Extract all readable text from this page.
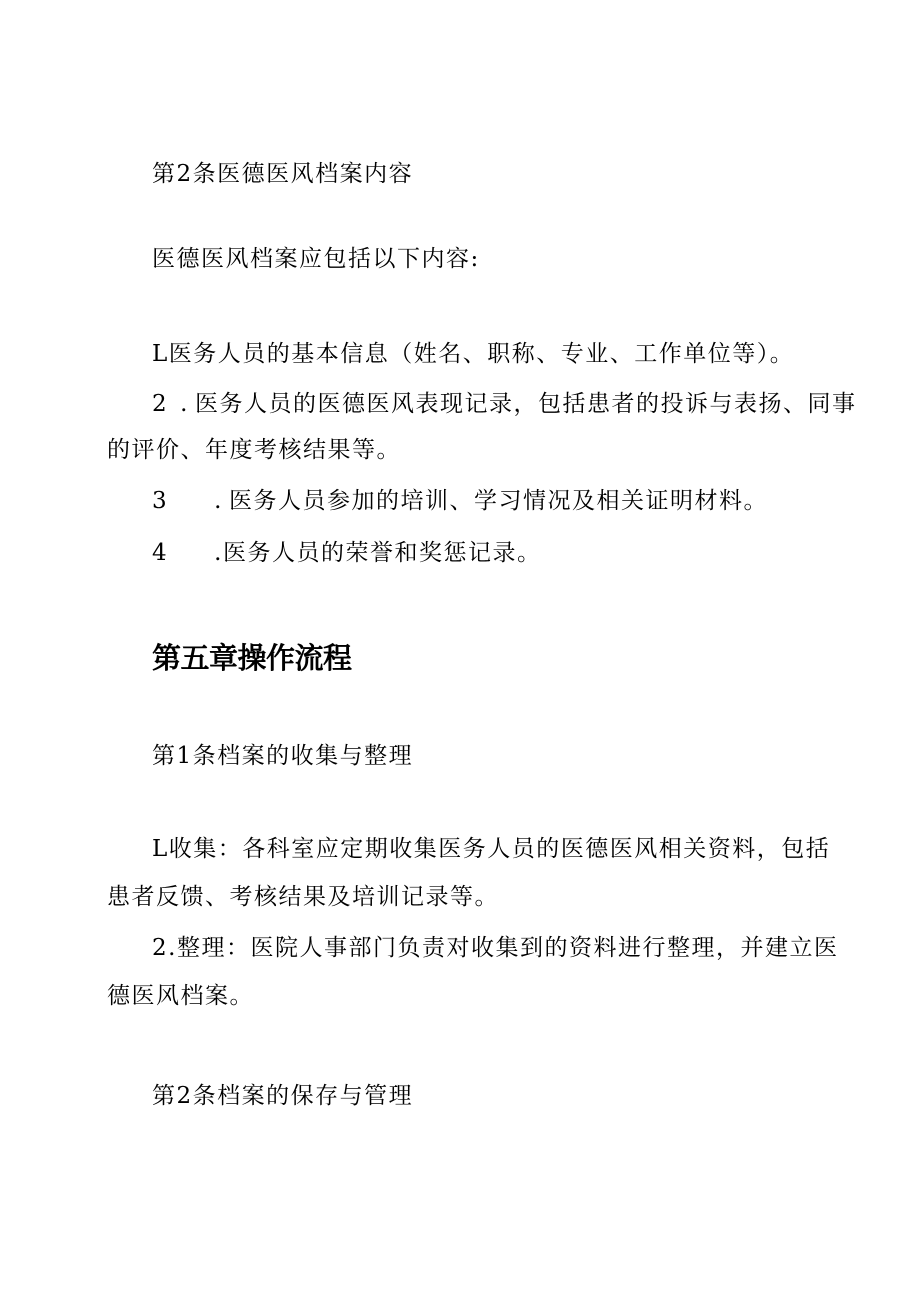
第2条医德医风档案内容
医德医风档案应包括以下内容:
L医务人员的基本信息（姓名、职称、专业、工作单位等）。
2 . 医务人员的医德医风表现记录，包括患者的投诉与表扬、同事
的评价、年度考核结果等。
3 . 医务人员参加的培训、学习情况及相关证明材料。
4 .医务人员的荣誉和奖惩记录。
第五章操作流程
第1条档案的收集与整理
L收集：各科室应定期收集医务人员的医德医风相关资料，包括
患者反馈、考核结果及培训记录等。
2.整理：医院人事部门负责对收集到的资料进行整理，并建立医
德医风档案。
第2条档案的保存与管理
